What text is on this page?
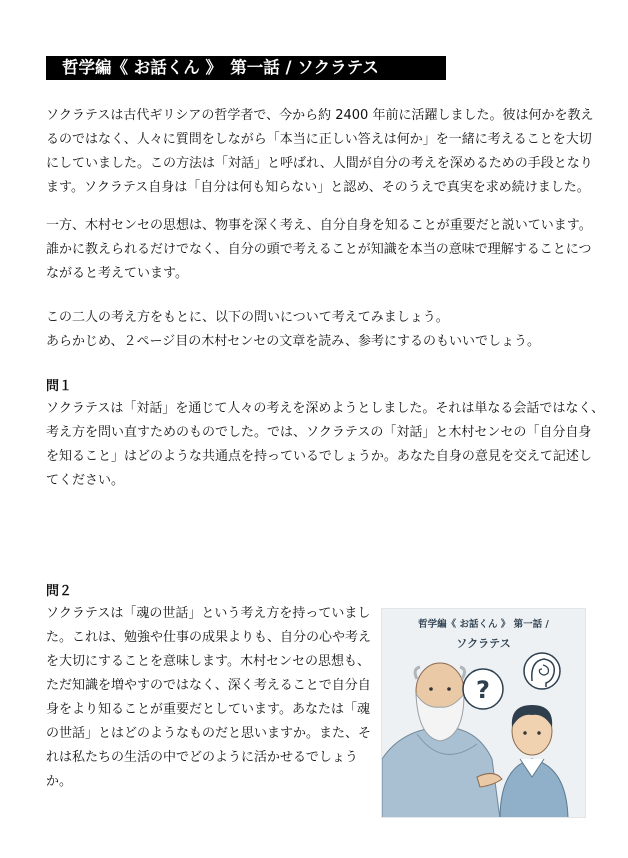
哲学編《 お話くん 》　第一話 / ソクラテス

ソクラテスは古代ギリシアの哲学者で、今から約 2400 年前に活躍しました。彼は何かを教え
るのではなく、人々に質問をしながら「本当に正しい答えは何か」を一緒に考えることを大切
にしていました。この方法は「対話」と呼ばれ、人間が自分の考えを深めるための手段となり
ます。ソクラテス自身は「自分は何も知らない」と認め、そのうえで真実を求め続けました。

一方、木村センセの思想は、物事を深く考え、自分自身を知ることが重要だと説いています。
誰かに教えられるだけでなく、自分の頭で考えることが知識を本当の意味で理解することにつ
ながると考えています。

この二人の考え方をもとに、以下の問いについて考えてみましょう。
あらかじめ、２ページ目の木村センセの文章を読み、参考にするのもいいでしょう。

問１

ソクラテスは「対話」を通じて人々の考えを深めようとしました。それは単なる会話ではなく、
考え方を問い直すためのものでした。では、ソクラテスの「対話」と木村センセの「自分自身
を知ること」はどのような共通点を持っているでしょうか。あなた自身の意見を交えて記述し
てください。

問２

ソクラテスは「魂の世話」という考え方を持っていまし
た。これは、勉強や仕事の成果よりも、自分の心や考え
を大切にすることを意味します。木村センセの思想も、
ただ知識を増やすのではなく、深く考えることで自分自
身をより知ることが重要だとしています。あなたは「魂
の世話」とはどのようなものだと思いますか。また、そ
れは私たちの生活の中でどのように活かせるでしょう
か。

?
哲学編《 お話くん 》 第一話 /
ソクラテス
